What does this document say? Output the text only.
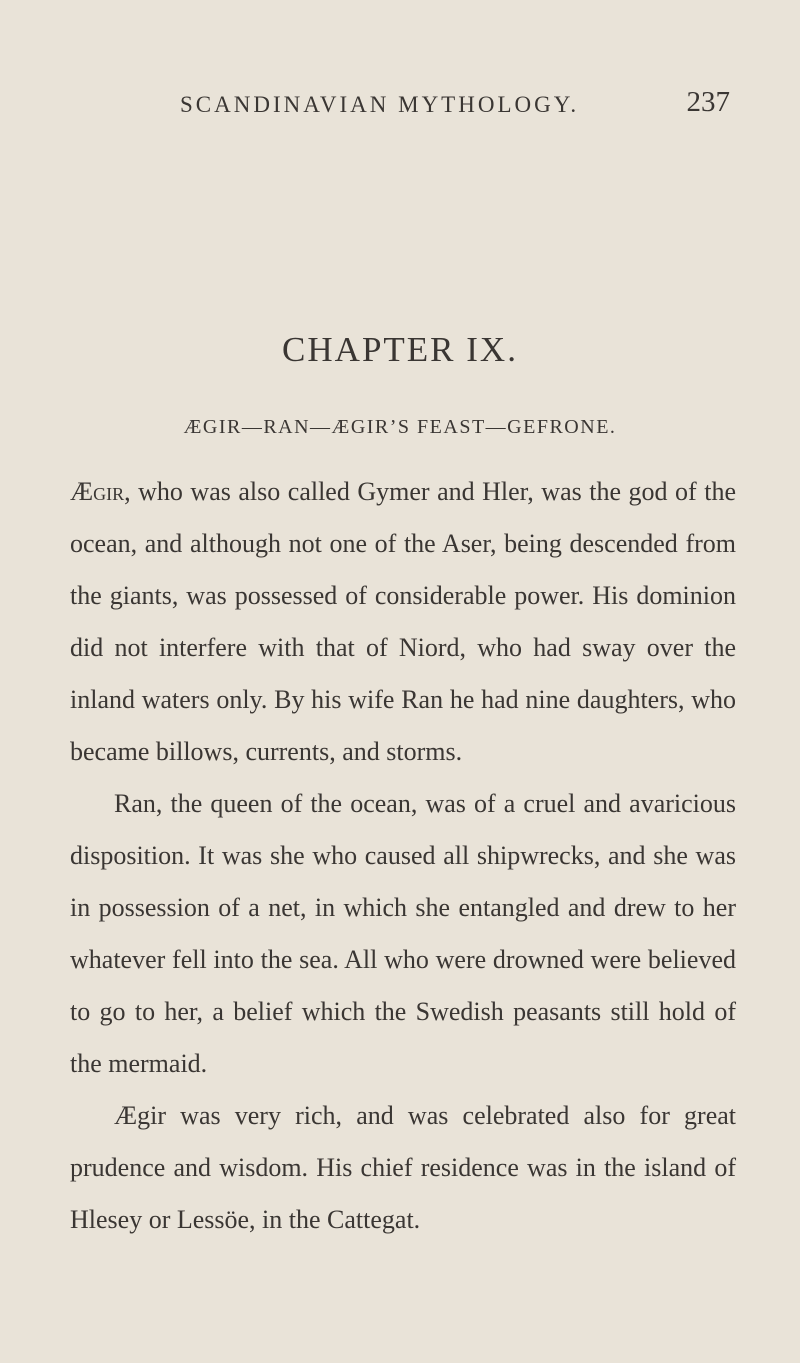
SCANDINAVIAN MYTHOLOGY.	237
CHAPTER IX.
ÆGIR—RAN—ÆGIR’S FEAST—GEFRONE.

Ægir, who was also called Gymer and Hler, was the god of the ocean, and although not one of the Aser, being descended from the giants, was possessed of considerable power. His dominion did not interfere with that of Niord, who had sway over the inland waters only. By his wife Ran he had nine daughters, who became billows, currents, and storms.

Ran, the queen of the ocean, was of a cruel and avaricious disposition. It was she who caused all shipwrecks, and she was in possession of a net, in which she entangled and drew to her whatever fell into the sea. All who were drowned were believed to go to her, a belief which the Swedish peasants still hold of the mermaid.

Ægir was very rich, and was celebrated also for great prudence and wisdom. His chief residence was in the island of Hlesey or Lessöe, in the Cattegat.
